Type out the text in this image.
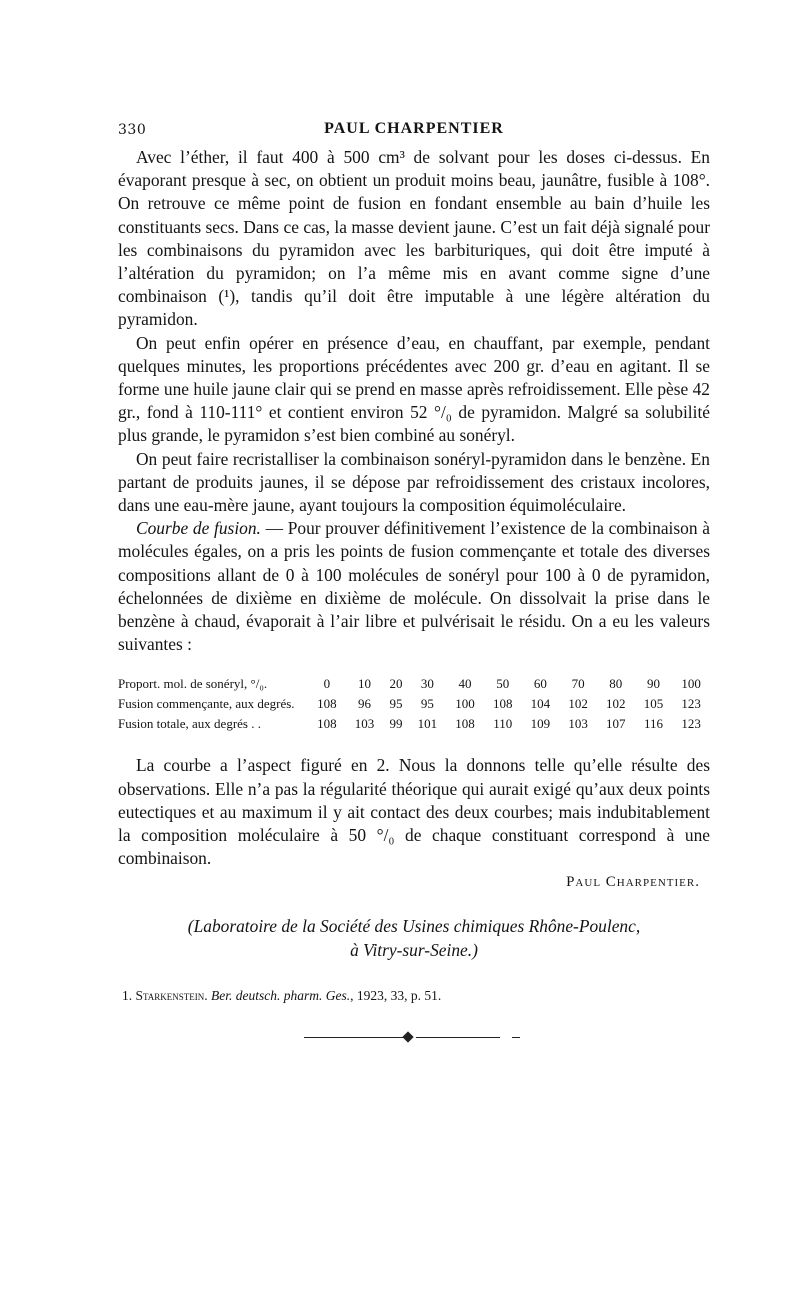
330	PAUL CHARPENTIER

Avec l’éther, il faut 400 à 500 cm³ de solvant pour les doses ci-dessus. En évaporant presque à sec, on obtient un produit moins beau, jaunâtre, fusible à 108°. On retrouve ce même point de fusion en fondant ensemble au bain d’huile les constituants secs. Dans ce cas, la masse devient jaune. C’est un fait déjà signalé pour les combinaisons du pyramidon avec les barbituriques, qui doit être imputé à l’altération du pyramidon; on l’a même mis en avant comme signe d’une combinaison (¹), tandis qu’il doit être imputable à une légère altération du pyramidon.

On peut enfin opérer en présence d’eau, en chauffant, par exemple, pendant quelques minutes, les proportions précédentes avec 200 gr. d’eau en agitant. Il se forme une huile jaune clair qui se prend en masse après refroidissement. Elle pèse 42 gr., fond à 110-111° et contient environ 52 °/₀ de pyramidon. Malgré sa solubilité plus grande, le pyramidon s’est bien combiné au sonéryl.

On peut faire recristalliser la combinaison sonéryl-pyramidon dans le benzène. En partant de produits jaunes, il se dépose par refroidissement des cristaux incolores, dans une eau-mère jaune, ayant toujours la composition équimoléculaire.

Courbe de fusion. — Pour prouver définitivement l’existence de la combinaison à molécules égales, on a pris les points de fusion commençante et totale des diverses compositions allant de 0 à 100 molécules de sonéryl pour 100 à 0 de pyramidon, échelonnées de dixième en dixième de molécule. On dissolvait la prise dans le benzène à chaud, évaporait à l’air libre et pulvérisait le résidu. On a eu les valeurs suivantes :

Proport. mol. de sonéryl, °/₀.	0	10	20	30	40	50	60	70	80	90	100
Fusion commençante, aux degrés.	108	96	95	95	100	108	104	102	102	105	123
Fusion totale, aux degrés . .	108	103	99	101	108	110	109	103	107	116	123

La courbe a l’aspect figuré en 2. Nous la donnons telle qu’elle résulte des observations. Elle n’a pas la régularité théorique qui aurait exigé qu’aux deux points eutectiques et au maximum il y ait contact des deux courbes; mais indubitablement la composition moléculaire à 50 °/₀ de chaque constituant correspond à une combinaison.

Paul Charpentier.
(Laboratoire de la Société des Usines chimiques Rhône-Poulenc,
à Vitry-sur-Seine.)
1. Starkenstein. Ber. deutsch. pharm. Ges., 1923, 33, p. 51.
